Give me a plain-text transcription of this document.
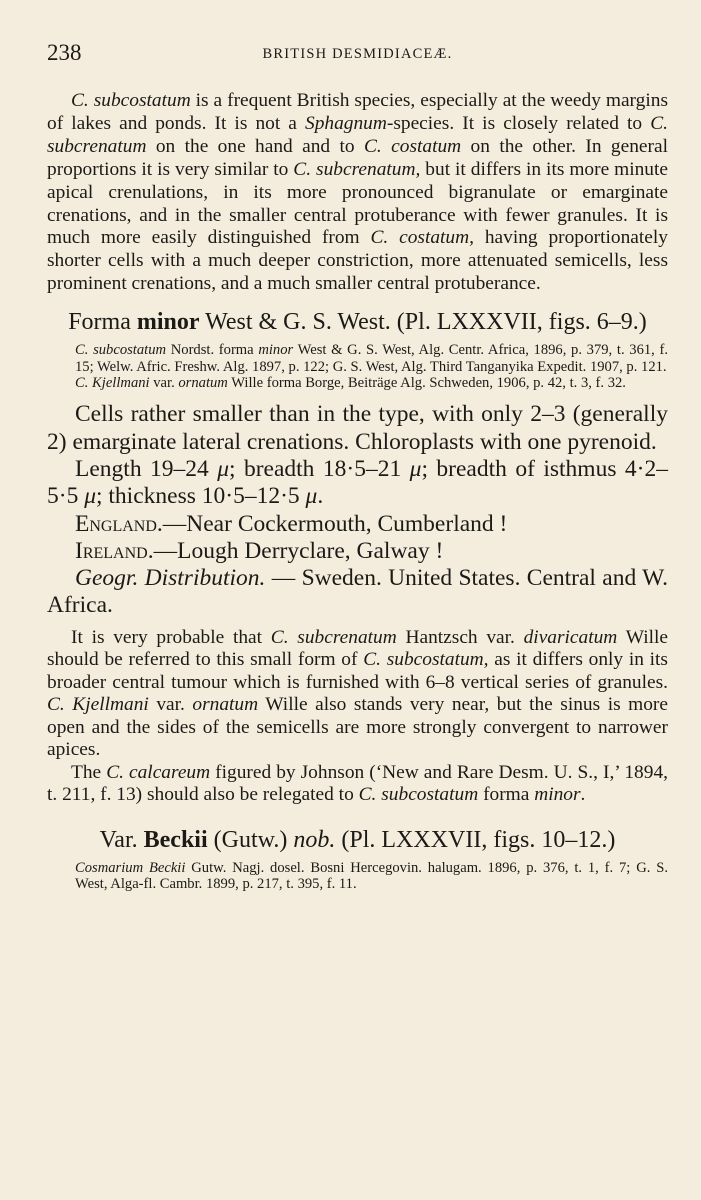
238	BRITISH DESMIDIACEÆ.

C. subcostatum is a frequent British species, especially at the weedy margins of lakes and ponds. It is not a Sphagnum-species. It is closely related to C. subcrenatum on the one hand and to C. costatum on the other. In general proportions it is very similar to C. subcrenatum, but it differs in its more minute apical crenulations, in its more pronounced bigranulate or emarginate crenations, and in the smaller central protuberance with fewer granules. It is much more easily distinguished from C. costatum, having proportionately shorter cells with a much deeper constriction, more attenuated semicells, less prominent crenations, and a much smaller central protuberance.

Forma minor West & G. S. West. (Pl. LXXXVII, figs. 6–9.)

C. subcostatum Nordst. forma minor West & G. S. West, Alg. Centr. Africa, 1896, p. 379, t. 361, f. 15; Welw. Afric. Freshw. Alg. 1897, p. 122; G. S. West, Alg. Third Tanganyika Expedit. 1907, p. 121.

C. Kjellmani var. ornatum Wille forma Borge, Beiträge Alg. Schweden, 1906, p. 42, t. 3, f. 32.

Cells rather smaller than in the type, with only 2–3 (generally 2) emarginate lateral crenations. Chloroplasts with one pyrenoid.

Length 19–24 μ; breadth 18·5–21 μ; breadth of isthmus 4·2–5·5 μ; thickness 10·5–12·5 μ.

England.—Near Cockermouth, Cumberland !

Ireland.—Lough Derryclare, Galway !

Geogr. Distribution. — Sweden. United States. Central and W. Africa.

It is very probable that C. subcrenatum Hantzsch var. divaricatum Wille should be referred to this small form of C. subcostatum, as it differs only in its broader central tumour which is furnished with 6–8 vertical series of granules. C. Kjellmani var. ornatum Wille also stands very near, but the sinus is more open and the sides of the semicells are more strongly convergent to narrower apices.

The C. calcareum figured by Johnson (‘New and Rare Desm. U. S., I,’ 1894, t. 211, f. 13) should also be relegated to C. subcostatum forma minor.

Var. Beckii (Gutw.) nob. (Pl. LXXXVII, figs. 10–12.)

Cosmarium Beckii Gutw. Nagj. dosel. Bosni Hercegovin. halugam. 1896, p. 376, t. 1, f. 7; G. S. West, Alga-fl. Cambr. 1899, p. 217, t. 395, f. 11.
